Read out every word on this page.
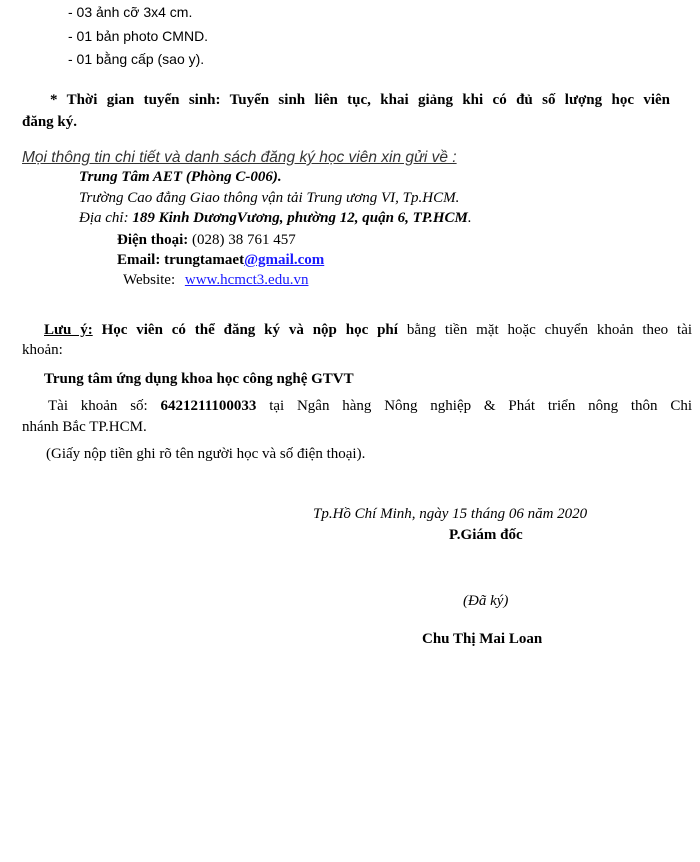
- 03 ảnh cỡ 3x4 cm.
- 01 bản photo CMND.
- 01 bằng cấp (sao y).
* Thời gian tuyển sinh: Tuyển sinh liên tục, khai giảng khi có đủ số lượng học viên
đăng ký.
Mọi thông tin chi tiết và danh sách đăng ký học viên xin gửi về :
Trung Tâm AET (Phòng C-006).
Trường Cao đẳng Giao thông vận tải Trung ương VI, Tp.HCM.
Địa chỉ: 189 Kinh DươngVương, phường 12, quận 6, TP.HCM.
Điện thoại: (028) 38 761 457
Email: trungtamaet@gmail.com
Website: www.hcmct3.edu.vn
Lưu ý: Học viên có thể đăng ký và nộp học phí bằng tiền mặt hoặc chuyển khoản theo tài
khoản:
Trung tâm ứng dụng khoa học công nghệ GTVT
Tài khoản số: 6421211100033 tại Ngân hàng Nông nghiệp & Phát triển nông thôn Chi
nhánh Bắc TP.HCM.
(Giấy nộp tiền ghi rõ tên người học và số điện thoại).
Tp.Hồ Chí Minh, ngày 15 tháng 06 năm 2020
P.Giám đốc
(Đã ký)
Chu Thị Mai Loan
